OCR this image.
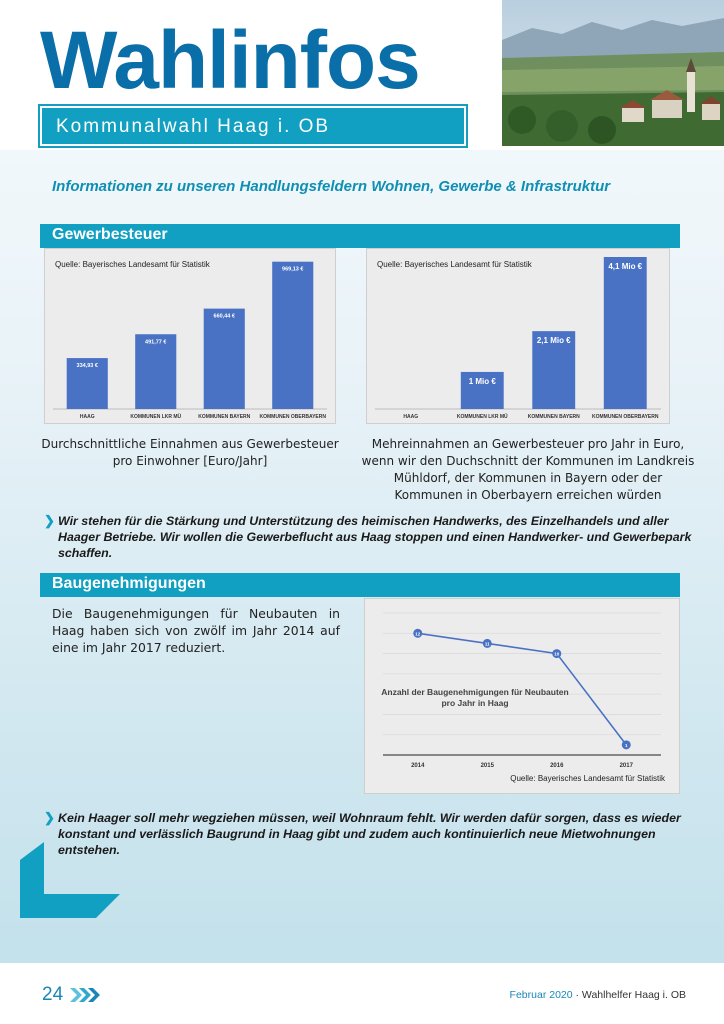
Wahlinfos
Kommunalwahl Haag i. OB
Informationen zu unseren Handlungsfeldern Wohnen, Gewerbe & Infrastruktur
Gewerbesteuer
Quelle: Bayerisches Landesamt für Statistik
334,93 €
HAAG
491,77 €
KOMMUNEN LKR MÜ
660,44 €
KOMMUNEN BAYERN
969,13 €
KOMMUNEN OBERBAYERN
Quelle: Bayerisches Landesamt für Statistik
HAAG
1 Mio €
KOMMUNEN LKR MÜ
2,1 Mio €
KOMMUNEN BAYERN
4,1 Mio €
KOMMUNEN OBERBAYERN
Durchschnittliche Einnahmen aus Gewerbesteuer pro Einwohner [Euro/Jahr]
Mehreinnahmen an Gewerbesteuer pro Jahr in Euro, wenn wir den Duchschnitt der Kommunen im Landkreis Mühldorf, der Kommunen in Bayern oder der Kommunen in Oberbayern erreichen würden
❯ Wir stehen für die Stärkung und Unterstützung des heimischen Handwerks, des Einzelhandels und aller Haager Betriebe. Wir wollen die Gewerbeflucht aus Haag stoppen und einen Handwerker- und Gewerbepark schaffen.
Baugenehmigungen
Die Baugenehmigungen für Neubauten in Haag haben sich von zwölf im Jahr 2014 auf eine im Jahr 2017 reduziert.
12
2014
11
2015
10
2016
1
2017
Anzahl der Baugenehmigungen für Neubauten pro Jahr in Haag
Quelle: Bayerisches Landesamt für Statistik
❯ Kein Haager soll mehr wegziehen müssen, weil Wohnraum fehlt. Wir werden dafür sorgen, dass es wieder konstant und verlässlich Baugrund in Haag gibt und zudem auch kontinuierlich neue Mietwohnungen entstehen.
24	Februar 2020 · Wahlhelfer Haag i. OB
